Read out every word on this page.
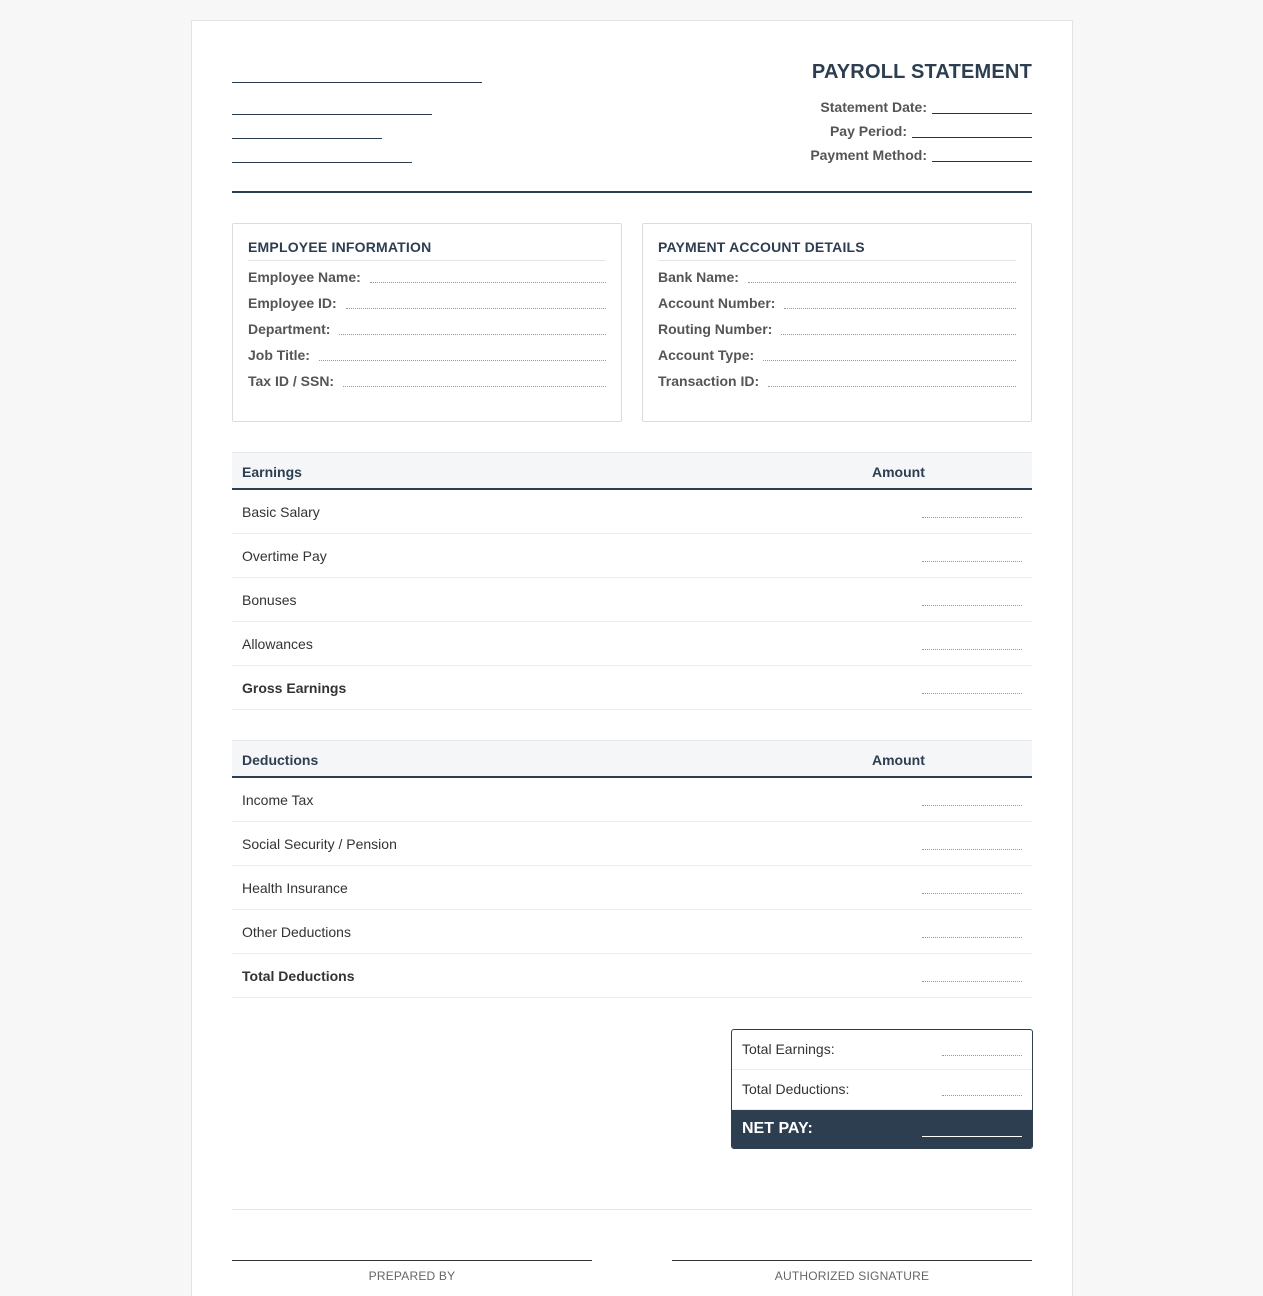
PAYROLL STATEMENT
Statement Date:
Pay Period:
Payment Method:
EMPLOYEE INFORMATION
Employee Name:
Employee ID:
Department:
Job Title:
Tax ID / SSN:
PAYMENT ACCOUNT DETAILS
Bank Name:
Account Number:
Routing Number:
Account Type:
Transaction ID:
Earnings	Amount
Basic Salary
Overtime Pay
Bonuses
Allowances
Gross Earnings
Deductions	Amount
Income Tax
Social Security / Pension
Health Insurance
Other Deductions
Total Deductions
Total Earnings:
Total Deductions:
NET PAY:
PREPARED BY	AUTHORIZED SIGNATURE
